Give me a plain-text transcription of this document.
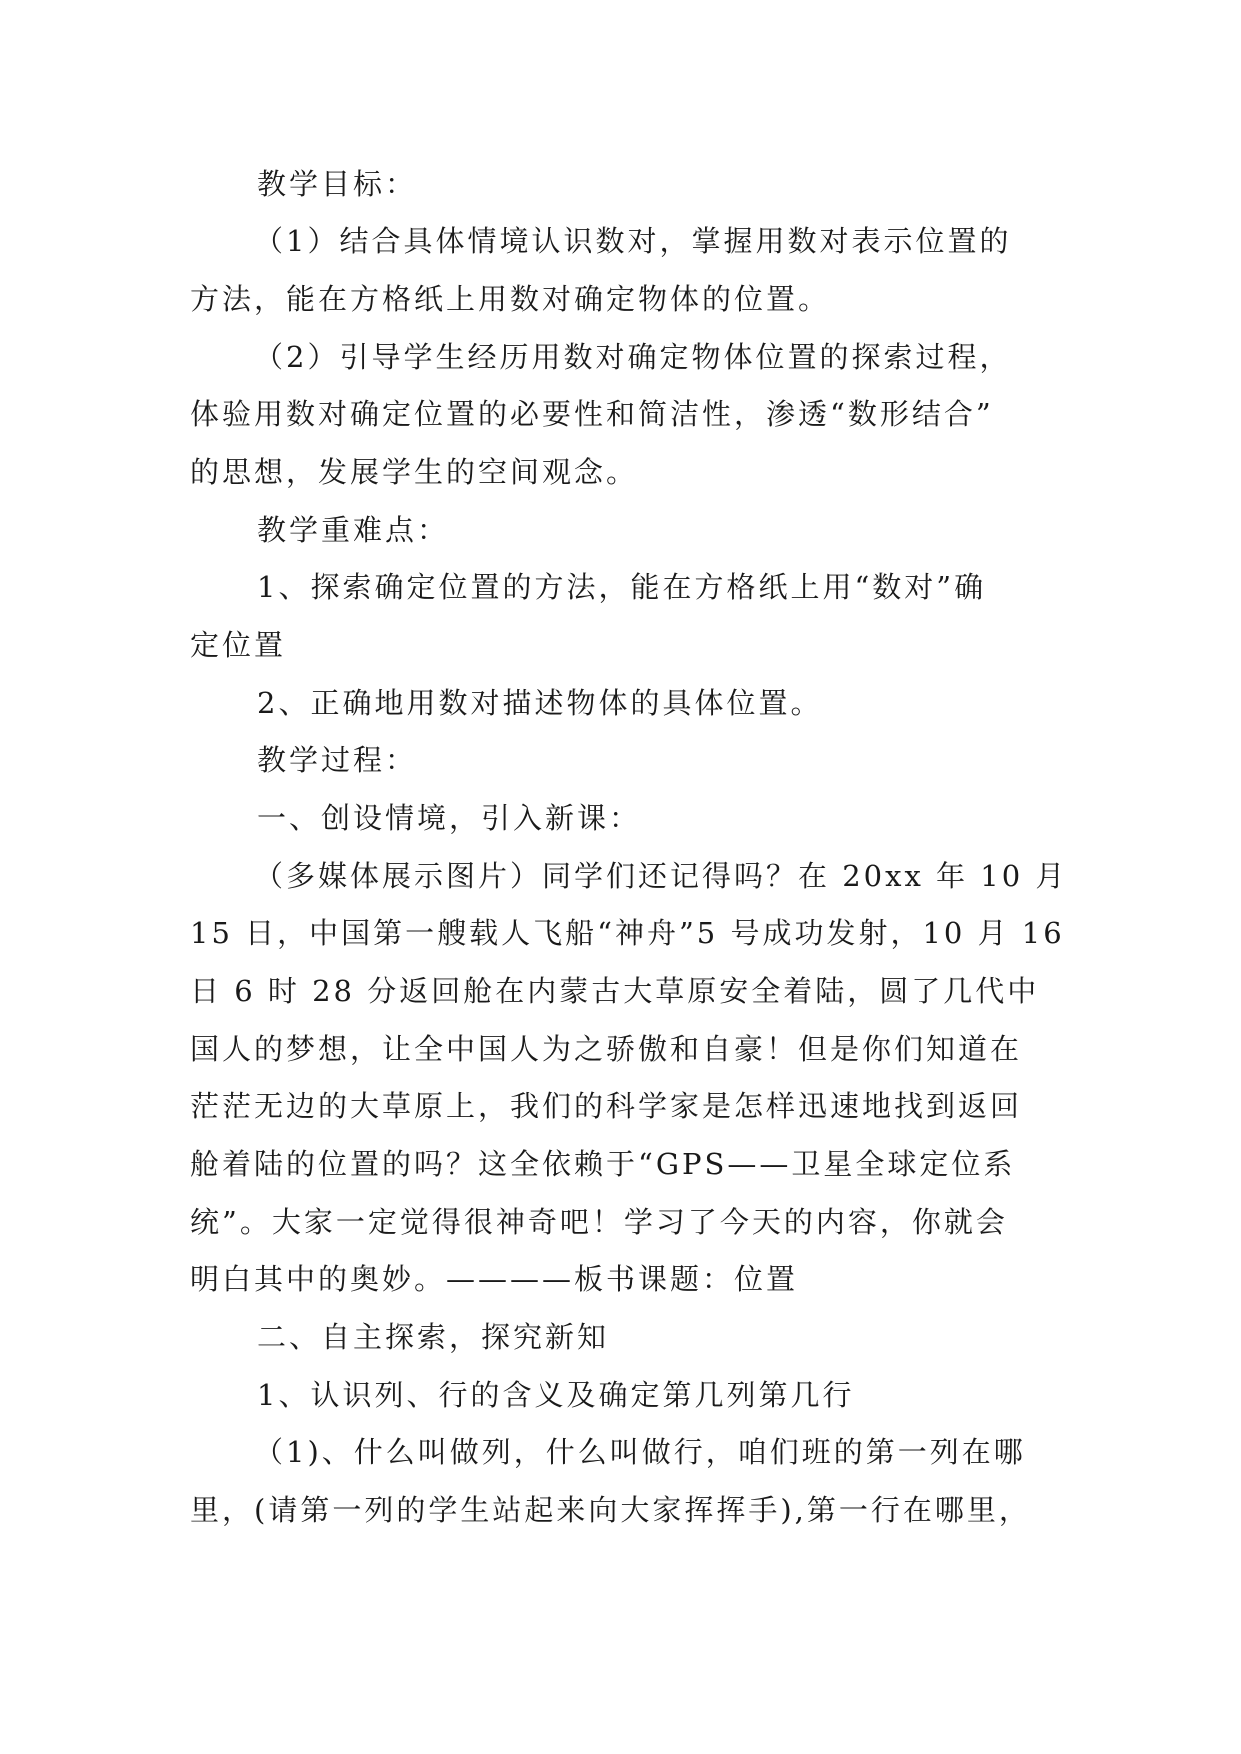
教学目标：
（1）结合具体情境认识数对，掌握用数对表示位置的
方法，能在方格纸上用数对确定物体的位置。
（2）引导学生经历用数对确定物体位置的探索过程，
体验用数对确定位置的必要性和简洁性，渗透“数形结合”
的思想，发展学生的空间观念。
教学重难点：
1、探索确定位置的方法，能在方格纸上用“数对”确
定位置
2、正确地用数对描述物体的具体位置。
教学过程：
一、创设情境，引入新课：
（多媒体展示图片）同学们还记得吗？在 20xx 年 10 月
15 日，中国第一艘载人飞船“神舟”5 号成功发射，10 月 16
日 6 时 28 分返回舱在内蒙古大草原安全着陆，圆了几代中
国人的梦想，让全中国人为之骄傲和自豪！但是你们知道在
茫茫无边的大草原上，我们的科学家是怎样迅速地找到返回
舱着陆的位置的吗？这全依赖于“GPS——卫星全球定位系
统”。大家一定觉得很神奇吧！学习了今天的内容，你就会
明白其中的奥妙。————板书课题：位置
二、自主探索，探究新知
1、认识列、行的含义及确定第几列第几行
（1)、什么叫做列，什么叫做行，咱们班的第一列在哪
里，(请第一列的学生站起来向大家挥挥手),第一行在哪里，
